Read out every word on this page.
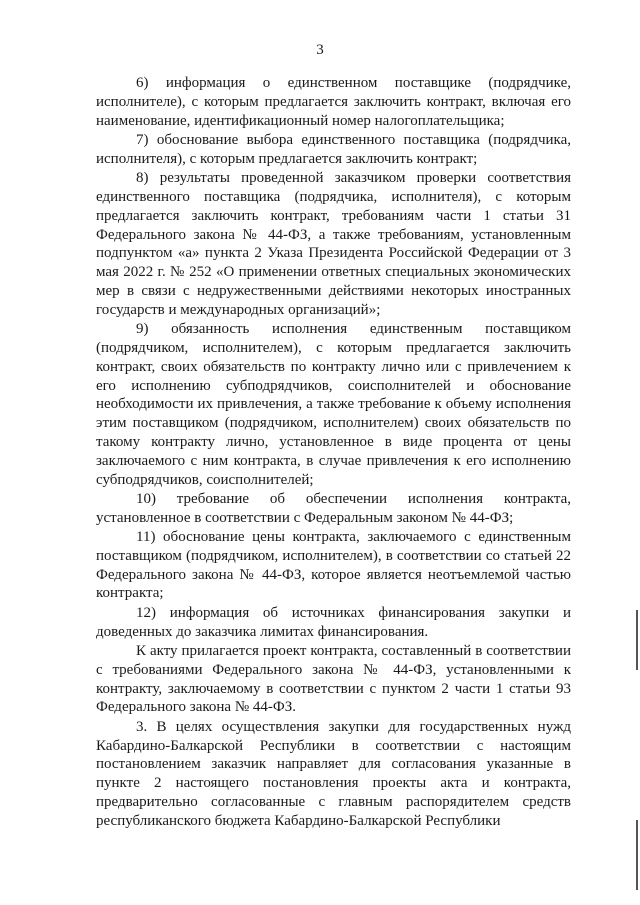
3

6) информация о единственном поставщике (подрядчике, исполнителе), с которым предлагается заключить контракт, включая его наименование, идентификационный номер налогоплательщика;

7) обоснование выбора единственного поставщика (подрядчика, исполнителя), с которым предлагается заключить контракт;

8) результаты проведенной заказчиком проверки соответствия единственного поставщика (подрядчика, исполнителя), с которым предлагается заключить контракт, требованиям части 1 статьи 31 Федерального закона № 44-ФЗ, а также требованиям, установленным подпунктом «а» пункта 2 Указа Президента Российской Федерации от 3 мая 2022 г. № 252 «О применении ответных специальных экономических мер в связи с недружественными действиями некоторых иностранных государств и международных организаций»;

9) обязанность исполнения единственным поставщиком (подрядчиком, исполнителем), с которым предлагается заключить контракт, своих обязательств по контракту лично или с привлечением к его исполнению субподрядчиков, соисполнителей и обоснование необходимости их привлечения, а также требование к объему исполнения этим поставщиком (подрядчиком, исполнителем) своих обязательств по такому контракту лично, установленное в виде процента от цены заключаемого с ним контракта, в случае привлечения к его исполнению субподрядчиков, соисполнителей;

10) требование об обеспечении исполнения контракта, установленное в соответствии с Федеральным законом № 44-ФЗ;

11) обоснование цены контракта, заключаемого с единственным поставщиком (подрядчиком, исполнителем), в соответствии со статьей 22 Федерального закона № 44-ФЗ, которое является неотъемлемой частью контракта;

12) информация об источниках финансирования закупки и доведенных до заказчика лимитах финансирования.

К акту прилагается проект контракта, составленный в соответствии с требованиями Федерального закона № 44-ФЗ, установленными к контракту, заключаемому в соответствии с пунктом 2 части 1 статьи 93 Федерального закона № 44-ФЗ.

3. В целях осуществления закупки для государственных нужд Кабардино-Балкарской Республики в соответствии с настоящим постановлением заказчик направляет для согласования указанные в пункте 2 настоящего постановления проекты акта и контракта, предварительно согласованные с главным распорядителем средств республиканского бюджета Кабардино-Балкарской Республики
